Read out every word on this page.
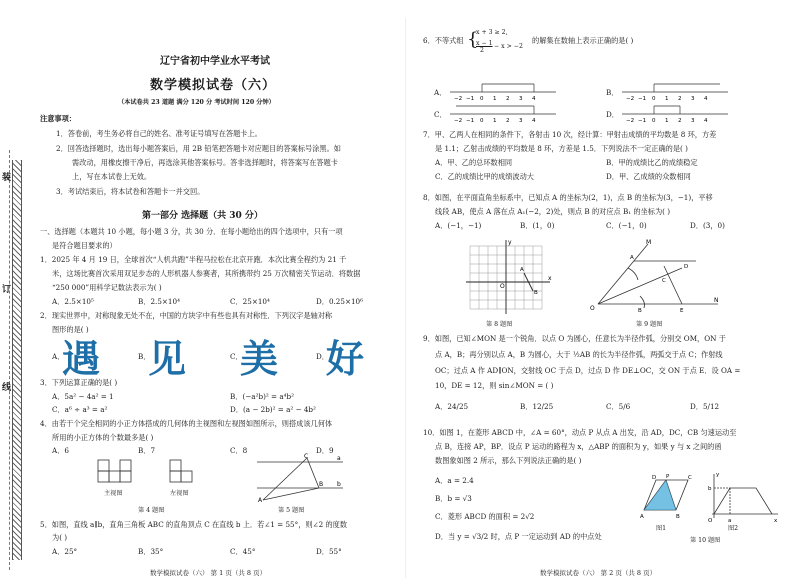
装
订
线
辽宁省初中学业水平考试
数学模拟试卷（六）
（本试卷共 23 道题 满分 120 分 考试时间 120 分钟）
注意事项：
1．答卷前，考生务必将自己的姓名、准考证号填写在答题卡上。
2．回答选择题时，选出每小题答案后，用 2B 铅笔把答题卡对应题目的答案标号涂黑。如
需改动，用橡皮擦干净后，再选涂其他答案标号。答非选择题时，将答案写在答题卡
上，写在本试卷上无效。
3．考试结束后，将本试卷和答题卡一并交回。
第一部分 选择题（共 30 分）
一、选择题（本题共 10 小题，每小题 3 分，共 30 分．在每小题给出的四个选项中，只有一项
是符合题目要求的）
1．2025 年 4 月 19 日，全球首次“人机共跑”半程马拉松在北京开跑．本次比赛全程约为 21 千
米，这场比赛首次采用双足步态的人形机器人参赛者，其所携带约 25 万次精密关节运动．将数据
“250 000”用科学记数法表示为( )
A．2.5×10⁵	B．2.5×10⁴	C．25×10⁴	D．0.25×10⁶
2．现实世界中，对称现象无处不在，中国的方块字中有些也具有对称性．下列汉字是轴对称
图形的是( )
A．
遇	B．
见	C．
美	D．
好
3．下列运算正确的是( )
A．5a² − 4a² = 1	B．(−a²b)² = a⁴b²
C．a⁶ ÷ a³ = a²	D．(a − 2b)² = a² − 4b²
4．由若干个完全相同的小正方体搭成的几何体的主视图和左视图如图所示，则搭成该几何体
所用的小正方体的个数最多是( )
A．6	B．7	C．8	D．9
主视图	左视图
第 4 题图
C
A
B
a
b
第 5 题图
5．如图，直线 a∥b，直角三角板 ABC 的直角顶点 C 在直线 b 上．若∠1 = 55°，则∠2 的度数
为( )
A．25°	B．35°	C．45°	D．55°
数学模拟试卷（六） 第 1 页（共 8 页）
6．不等式组 {
x + 3 ≥ 2,
x − 1
2
− x > −2
的解集在数轴上表示正确的是( )
A．
−2 −1 0 1 2 3 4
B．
−2 −1 0 1 2 3 4
C．
−2 −1 0 1 2 3 4
D．
−2 −1 0 1 2 3 4
7．甲、乙两人在相同的条件下，各射击 10 次，经计算：甲射击成绩的平均数是 8 环，方差
是 1.1；乙射击成绩的平均数是 8 环，方差是 1.5．下列说法不一定正确的是( )
A．甲、乙的总环数相同	B．甲的成绩比乙的成绩稳定
C．乙的成绩比甲的成绩波动大	D．甲、乙成绩的众数相同
8．如图，在平面直角坐标系中，已知点 A 的坐标为(2，1)，点 B 的坐标为(3，−1)，平移
线段 AB，使点 A 落在点 A₁(−2，2)处，则点 B 的对应点 B₁ 的坐标为( )
A．(−1，−1)	B．(1，0)	C．(−1，0)	D．(3，0)
x
y
O
A
B
第 8 题图
O
M
N
A
B
C
D
E
第 9 题图
9．如图，已知∠MON 是一个锐角．以点 O 为圆心，任意长为半径作弧，分别交 OM，ON 于
点 A，B；再分别以点 A，B 为圆心，大于 ½AB 的长为半径作弧，两弧交于点 C；作射线
OC；过点 A 作 AD∥ON，交射线 OC 于点 D，过点 D 作 DE⊥OC，交 ON 于点 E．设 OA =
10，DE = 12，则 sin∠MON = ( )
A．24/25	B．12/25	C．5/6	D．5/12
10．如图 1，在菱形 ABCD 中，∠A = 60°，动点 P 从点 A 出发，沿 AD，DC，CB 匀速运动至
点 B，连接 AP，BP．设点 P 运动的路程为 x，△ABP 的面积为 y，如果 y 与 x 之间的函
数图象如图 2 所示，那么下列说法正确的是( )
A．a = 2.4
B．b = √3
C．菱形 ABCD 的面积 = 2√2
D．当 y = √3/2 时，点 P 一定运动到 AD 的中点处
A	B
C
D P	y
x
O
b
a
图1	图2
第 10 题图
数学模拟试卷（六） 第 2 页（共 8 页）
